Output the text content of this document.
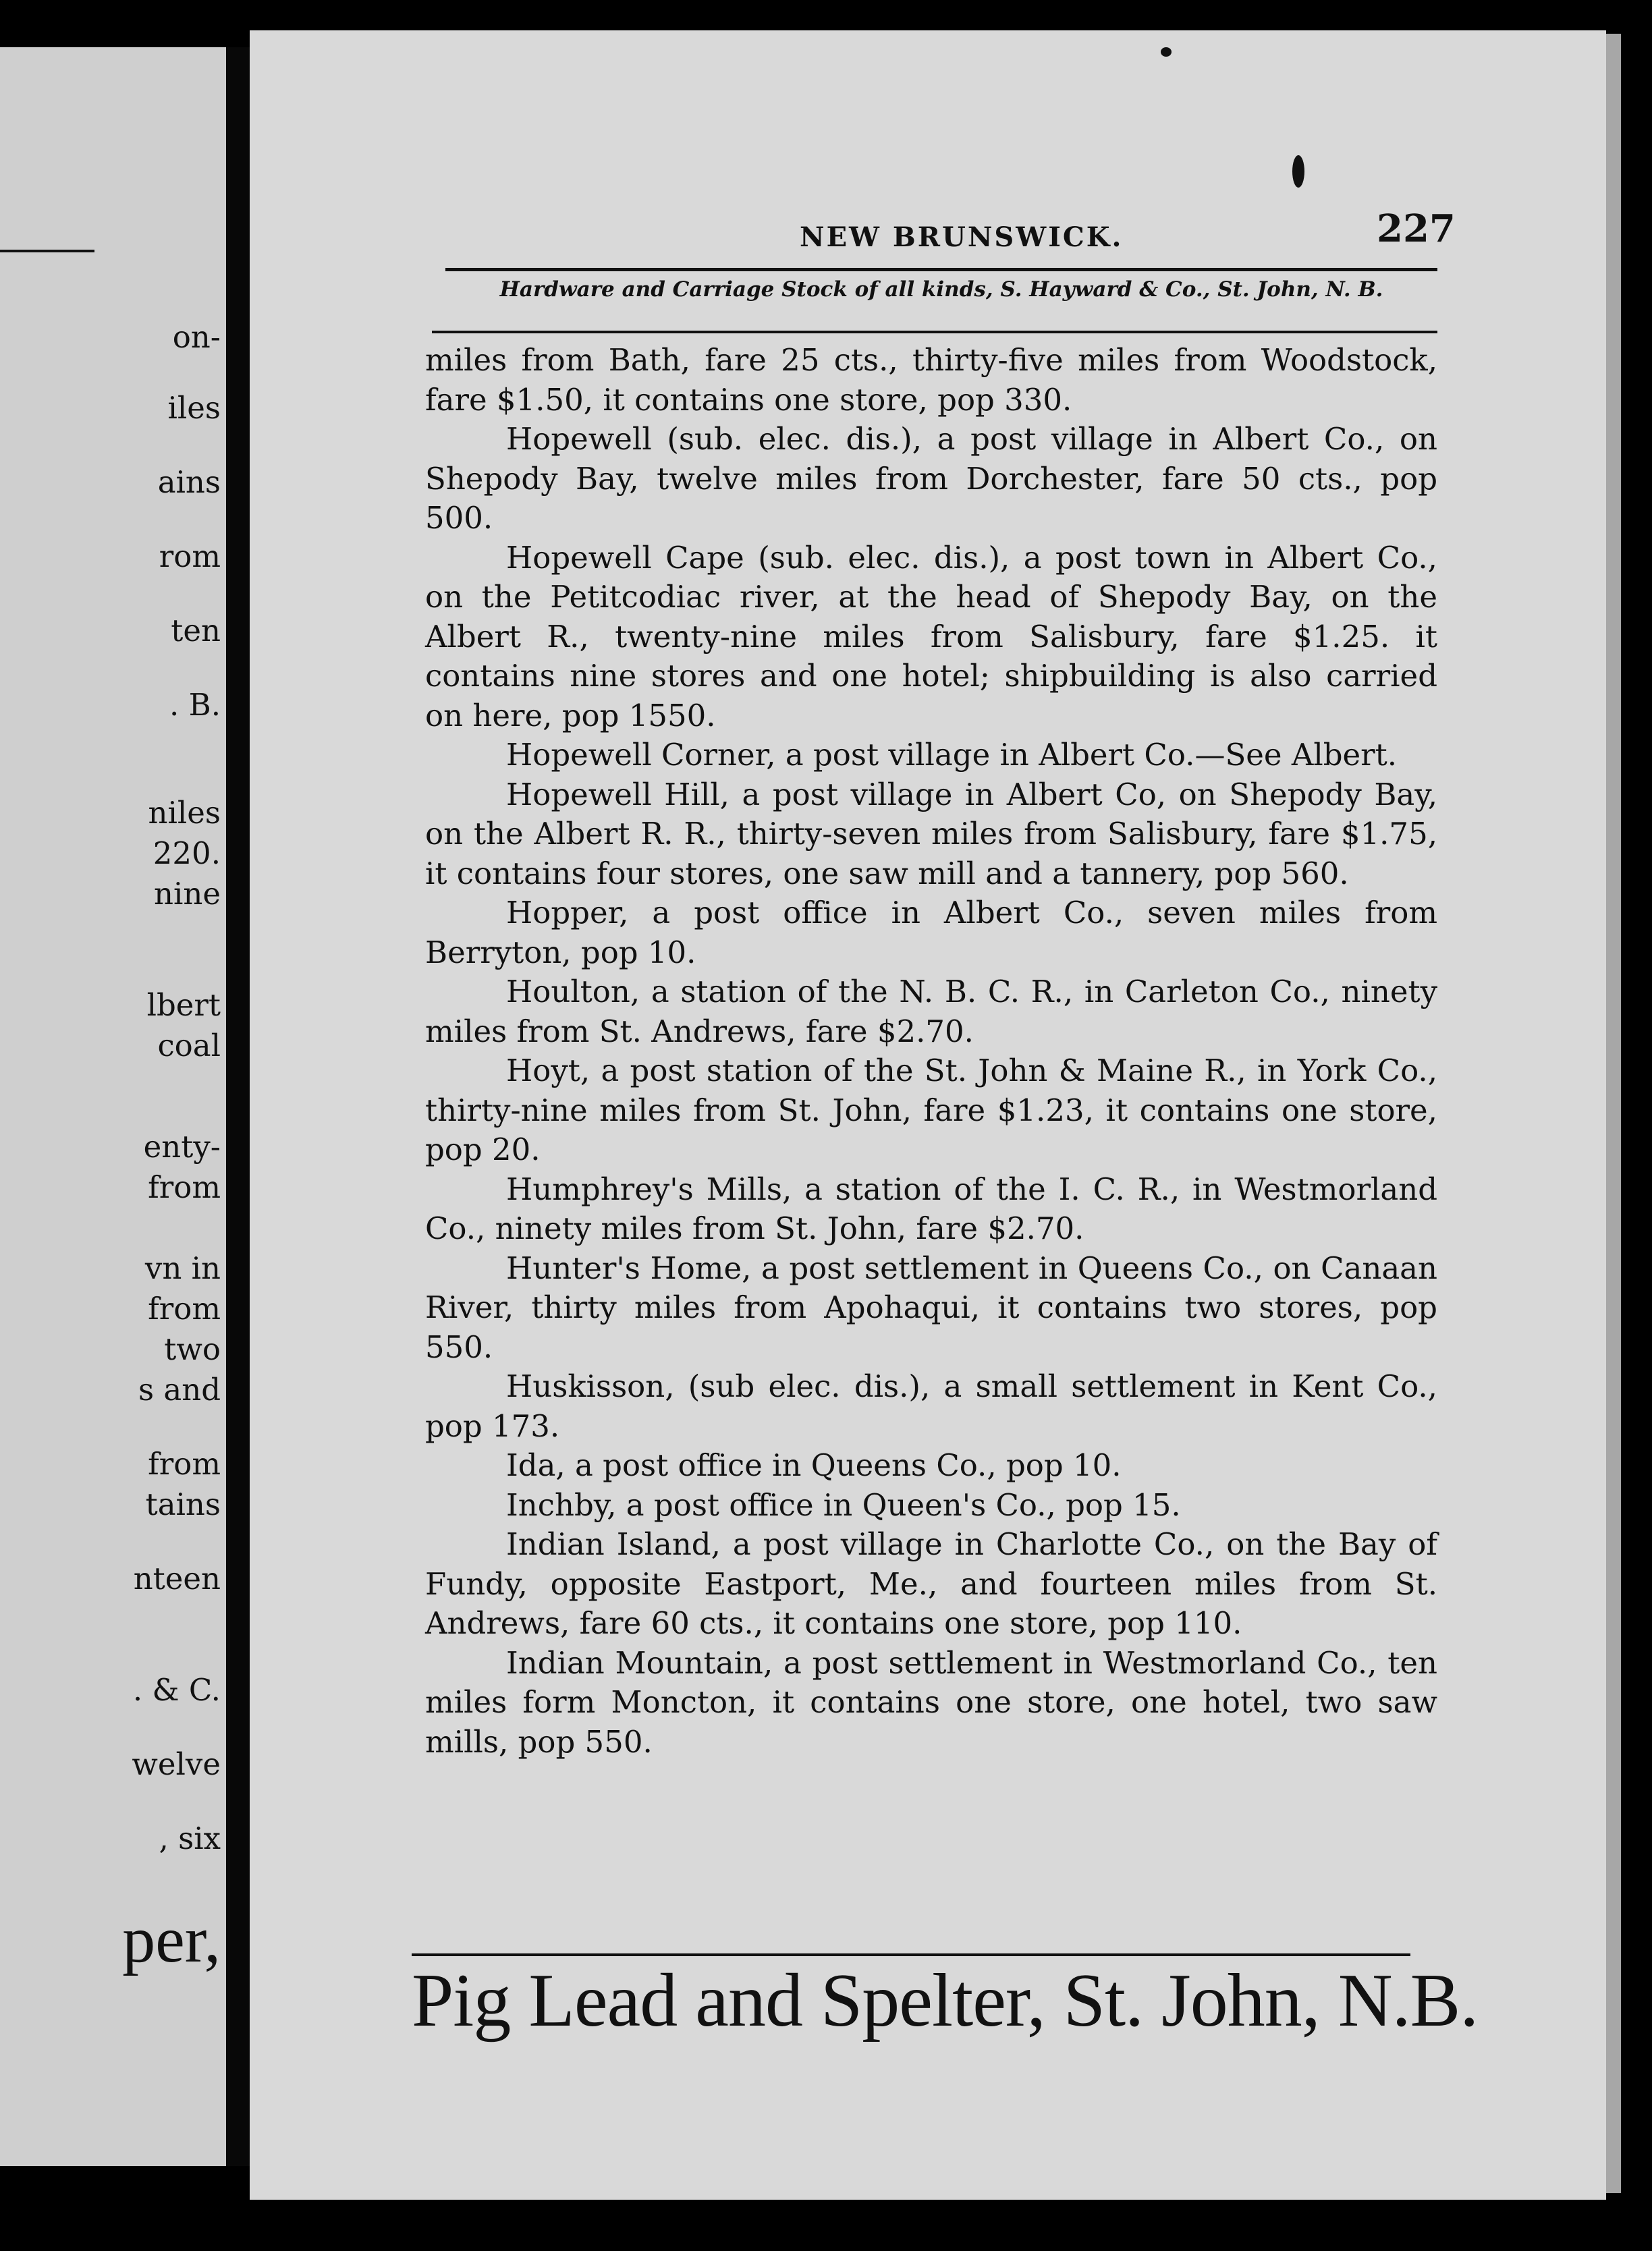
on-
iles
ains
rom
ten
. B.
niles
220.
nine
lbert
coal
enty-
from
vn in
from
two
s and
from
tains
nteen
. & C.
welve
, six
per,
NEW BRUNSWICK.	227
Hardware and Carriage Stock of all kinds, S. Hayward & Co., St. John, N. B.

miles from Bath, fare 25 cts., thirty-five miles from Woodstock, fare $1.50, it contains one store, pop 330.

Hopewell (sub. elec. dis.), a post village in Albert Co., on Shepody Bay, twelve miles from Dorchester, fare 50 cts., pop 500.

Hopewell Cape (sub. elec. dis.), a post town in Albert Co., on the Petitcodiac river, at the head of Shepody Bay, on the Albert R., twenty-nine miles from Salisbury, fare $1.25. it contains nine stores and one hotel; shipbuilding is also carried on here, pop 1550.

Hopewell Corner, a post village in Albert Co.—See Albert.

Hopewell Hill, a post village in Albert Co, on Shepody Bay, on the Albert R. R., thirty-seven miles from Salisbury, fare $1.75, it contains four stores, one saw mill and a tannery, pop 560.

Hopper, a post office in Albert Co., seven miles from Berryton, pop 10.

Houlton, a station of the N. B. C. R., in Carleton Co., ninety miles from St. Andrews, fare $2.70.

Hoyt, a post station of the St. John & Maine R., in York Co., thirty-nine miles from St. John, fare $1.23, it contains one store, pop 20.

Humphrey's Mills, a station of the I. C. R., in Westmorland Co., ninety miles from St. John, fare $2.70.

Hunter's Home, a post settlement in Queens Co., on Canaan River, thirty miles from Apohaqui, it contains two stores, pop 550.

Huskisson, (sub elec. dis.), a small settlement in Kent Co., pop 173.

Ida, a post office in Queens Co., pop 10.

Inchby, a post office in Queen's Co., pop 15.

Indian Island, a post village in Charlotte Co., on the Bay of Fundy, opposite Eastport, Me., and fourteen miles from St. Andrews, fare 60 cts., it contains one store, pop 110.

Indian Mountain, a post settlement in Westmorland Co., ten miles form Moncton, it contains one store, one hotel, two saw mills, pop 550.

Pig Lead and Spelter, St. John, N.B.
